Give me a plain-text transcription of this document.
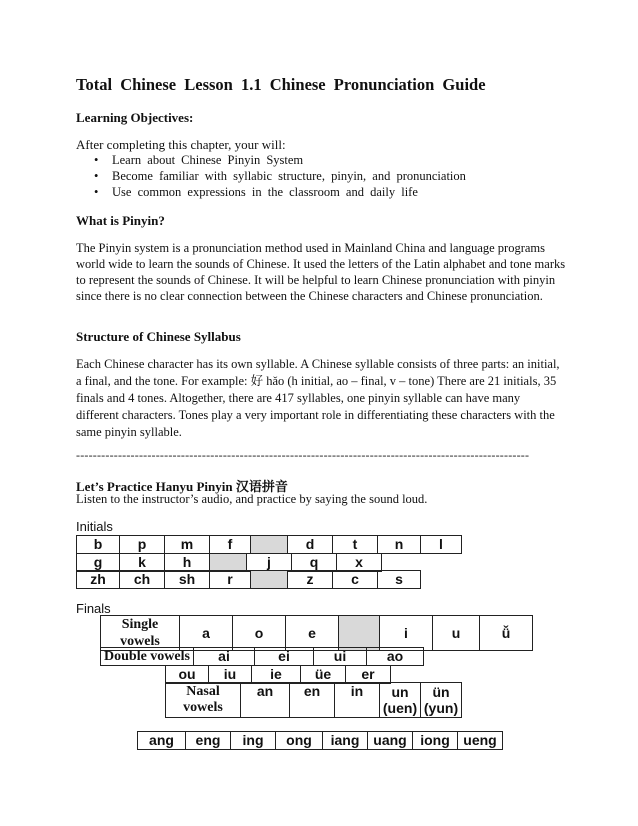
Total Chinese Lesson 1.1 Chinese Pronunciation Guide
Learning Objectives:
After completing this chapter, your will:
• Learn about Chinese Pinyin System
• Become familiar with syllabic structure, pinyin, and pronunciation
• Use common expressions in the classroom and daily life
What is Pinyin?
The Pinyin system is a pronunciation method used in Mainland China and language programs world wide to learn the sounds of Chinese. It used the letters of the Latin alphabet and tone marks to represent the sounds of Chinese. It will be helpful to learn Chinese pronunciation with pinyin since there is no clear connection between the Chinese characters and Chinese pronunciation.
Structure of Chinese Syllabus
Each Chinese character has its own syllable. A Chinese syllable consists of three parts: an initial, a final, and the tone. For example: 好 hǎo (h initial, ao – final, v – tone) There are 21 initials, 35 finals and 4 tones. Altogether, there are 417 syllables, one pinyin syllable can have many different characters. Tones play a very important role in differentiating these characters with the same pinyin syllable.
------------------------------------------------------------------------------------------------------------
Let’s Practice Hanyu Pinyin 汉语拼音
Listen to the instructor’s audio, and practice by saying the sound loud.
Initials
b	p	m	f		d	t	n	l
g	k	h		j	q	x
zh	ch	sh	r		z	c	s
Finals
Single vowels	a	o	e		i	u	ǚ
Double vowels	ai	ei	ui	ao
ou	iu	ie	üe	er
Nasal vowels	an	en	in	un (uen)	ün (yun)
ang	eng	ing	ong	iang	uang	iong	ueng
